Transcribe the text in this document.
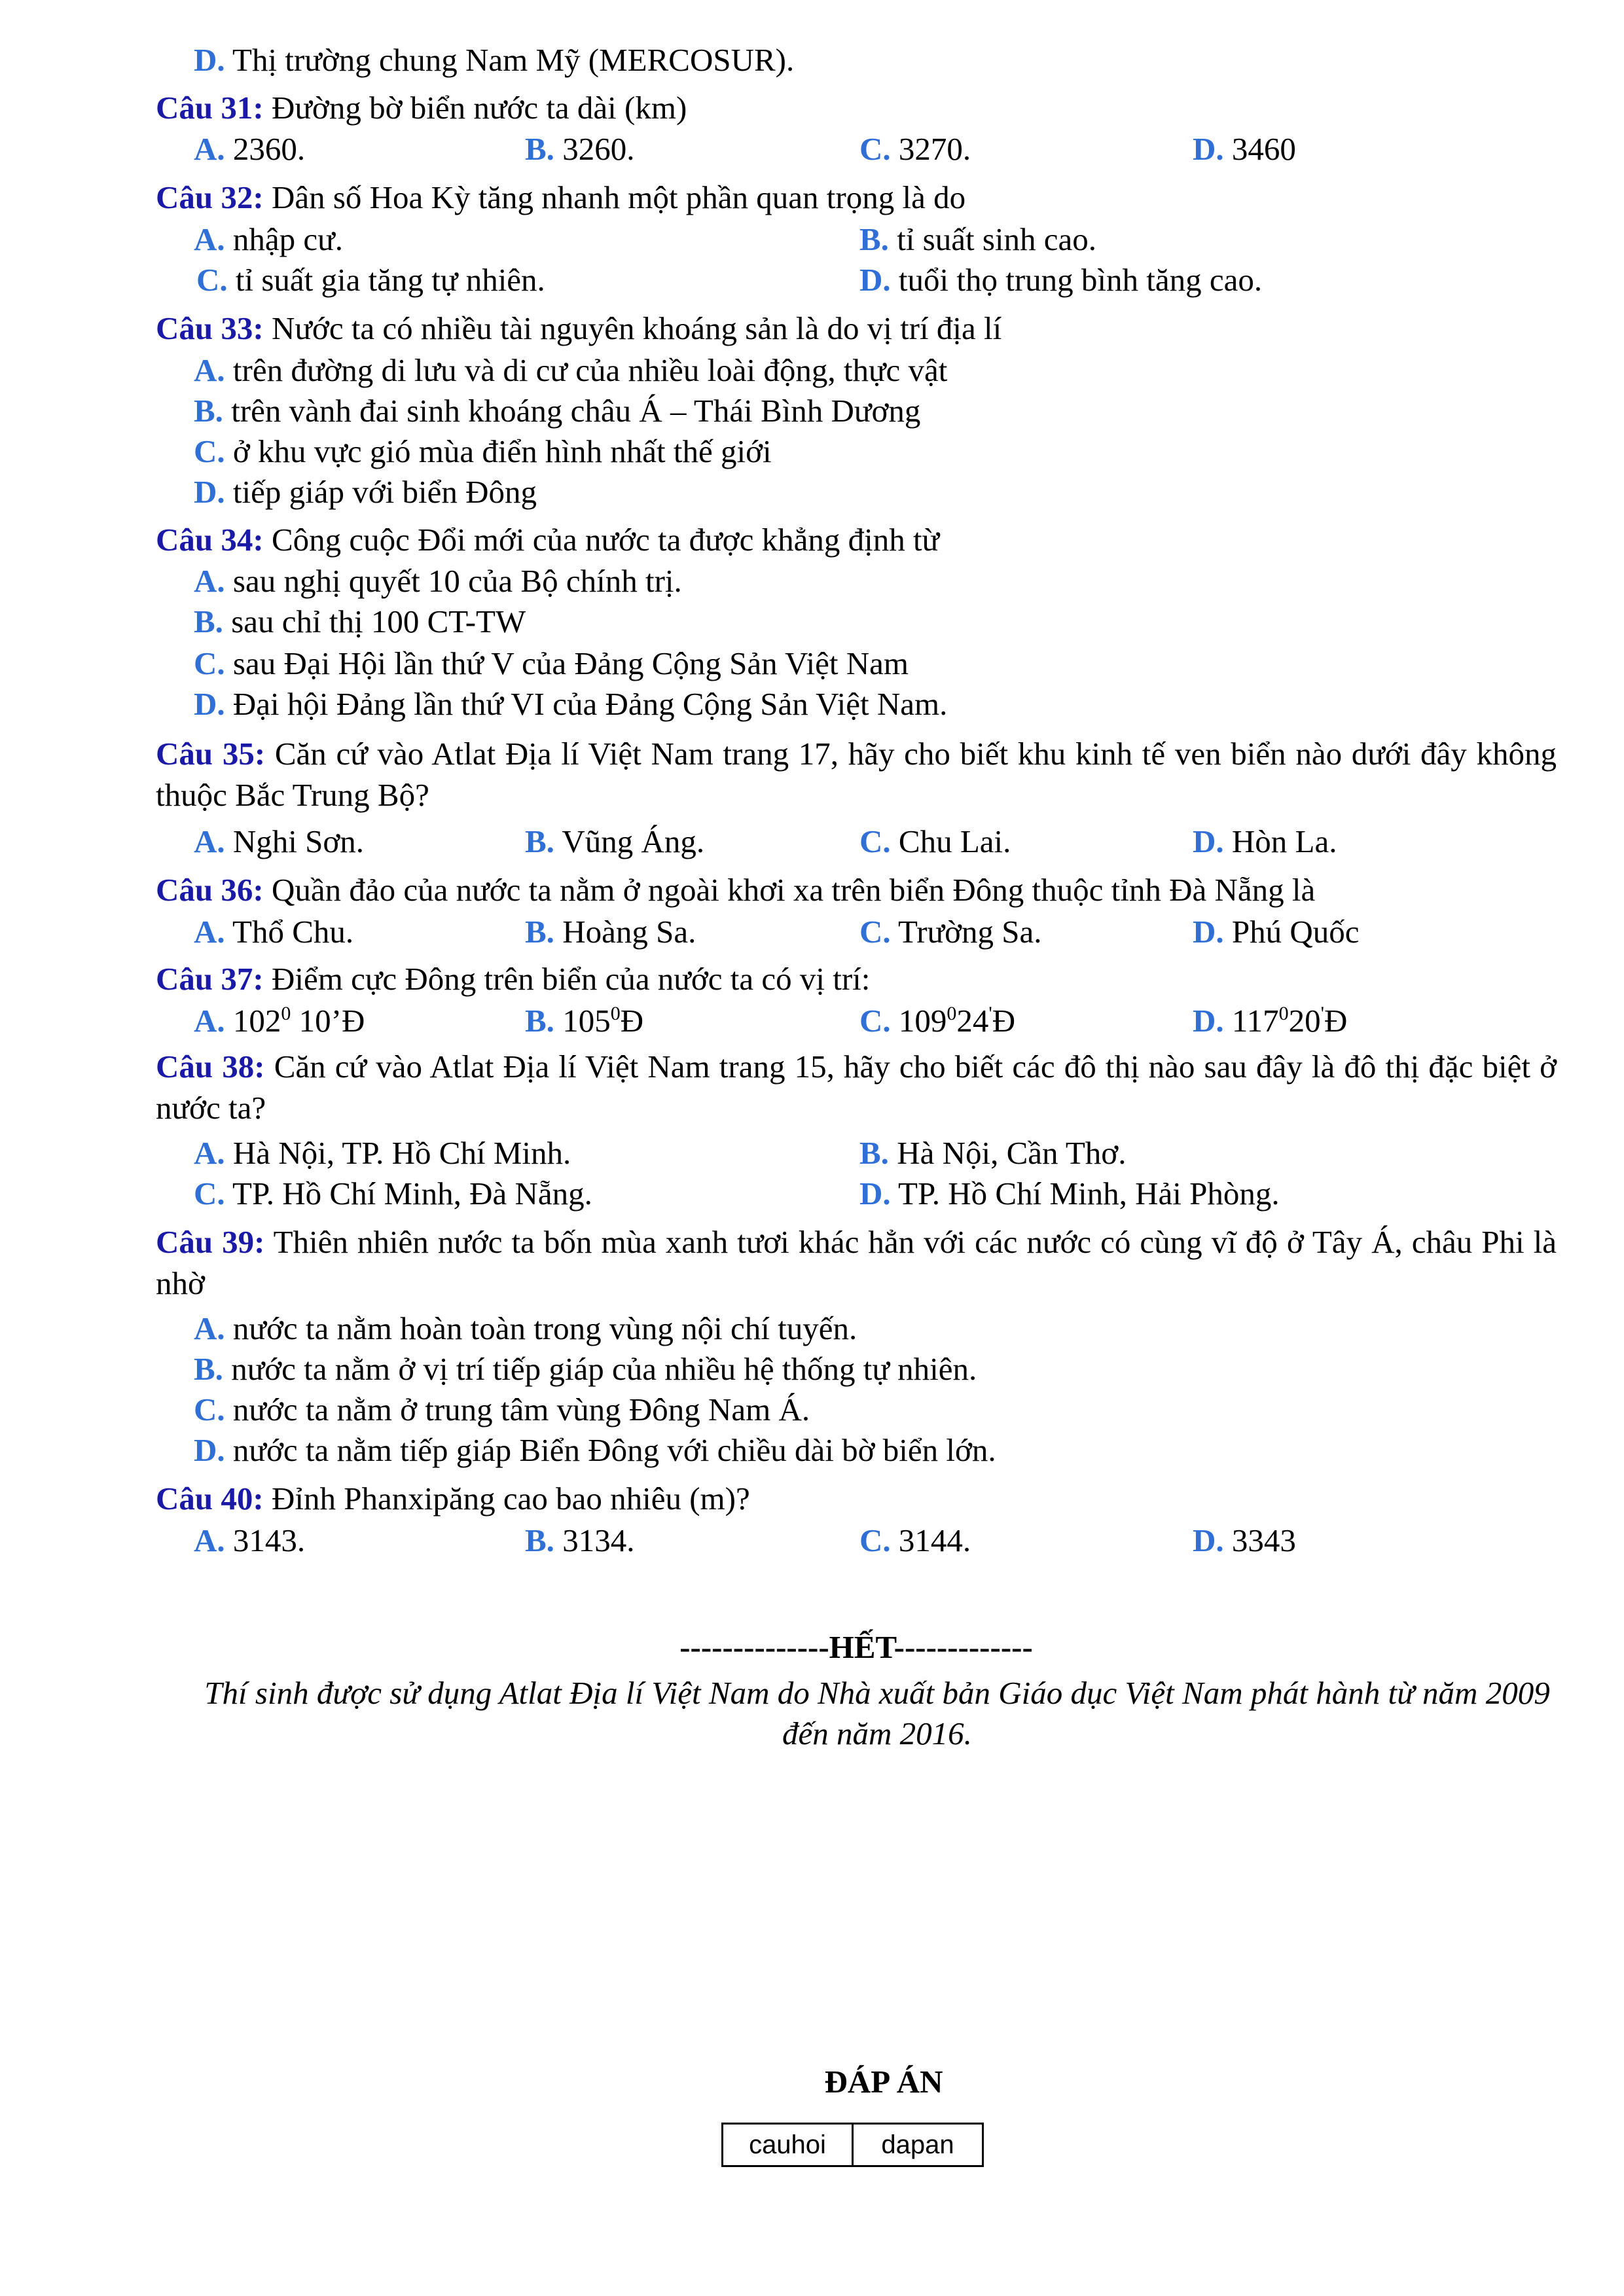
D. Thị trường chung Nam Mỹ (MERCOSUR).
Câu 31: Đường bờ biển nước ta dài (km)
A. 2360.	B. 3260.	C. 3270.	D. 3460
Câu 32: Dân số Hoa Kỳ tăng nhanh một phần quan trọng là do
A. nhập cư.	B. tỉ suất sinh cao.
C. tỉ suất gia tăng tự nhiên.	D. tuổi thọ trung bình tăng cao.
Câu 33: Nước ta có nhiều tài nguyên khoáng sản là do vị trí địa lí
A. trên đường di lưu và di cư của nhiều loài động, thực vật
B. trên vành đai sinh khoáng châu Á – Thái Bình Dương
C. ở khu vực gió mùa điển hình nhất thế giới
D. tiếp giáp với biển Đông
Câu 34: Công cuộc Đổi mới của nước ta được khẳng định từ
A. sau nghị quyết 10 của Bộ chính trị.
B. sau chỉ thị 100 CT-TW
C. sau Đại Hội lần thứ V của Đảng Cộng Sản Việt Nam
D. Đại hội Đảng lần thứ VI của Đảng Cộng Sản Việt Nam.
Câu 35: Căn cứ vào Atlat Địa lí Việt Nam trang 17, hãy cho biết khu kinh tế ven biển nào dưới đây không thuộc Bắc Trung Bộ?
A. Nghi Sơn.	B. Vũng Áng.	C. Chu Lai.	D. Hòn La.
Câu 36: Quần đảo của nước ta nằm ở ngoài khơi xa trên biển Đông thuộc tỉnh Đà Nẵng là
A. Thổ Chu.	B. Hoàng Sa.	C. Trường Sa.	D. Phú Quốc
Câu 37: Điểm cực Đông trên biển của nước ta có vị trí:
A. $102^0$ 10’Đ	B. $105^0Đ$	C. $109^024'Đ$	D. $117^020'Đ$
Câu 38: Căn cứ vào Atlat Địa lí Việt Nam trang 15, hãy cho biết các đô thị nào sau đây là đô thị đặc biệt ở nước ta?
A. Hà Nội, TP. Hồ Chí Minh.	B. Hà Nội, Cần Thơ.
C. TP. Hồ Chí Minh, Đà Nẵng.	D. TP. Hồ Chí Minh, Hải Phòng.
Câu 39: Thiên nhiên nước ta bốn mùa xanh tươi khác hẳn với các nước có cùng vĩ độ ở Tây Á, châu Phi là nhờ
A. nước ta nằm hoàn toàn trong vùng nội chí tuyến.
B. nước ta nằm ở vị trí tiếp giáp của nhiều hệ thống tự nhiên.
C. nước ta nằm ở trung tâm vùng Đông Nam Á.
D. nước ta nằm tiếp giáp Biển Đông với chiều dài bờ biển lớn.
Câu 40: Đỉnh Phanxipăng cao bao nhiêu (m)?
A. 3143.	B. 3134.	C. 3144.	D. 3343
--------------HẾT-------------
Thí sinh được sử dụng Atlat Địa lí Việt Nam do Nhà xuất bản Giáo dục Việt Nam phát hành từ năm 2009 đến năm 2016.
ĐÁP ÁN
cauhoi	dapan
